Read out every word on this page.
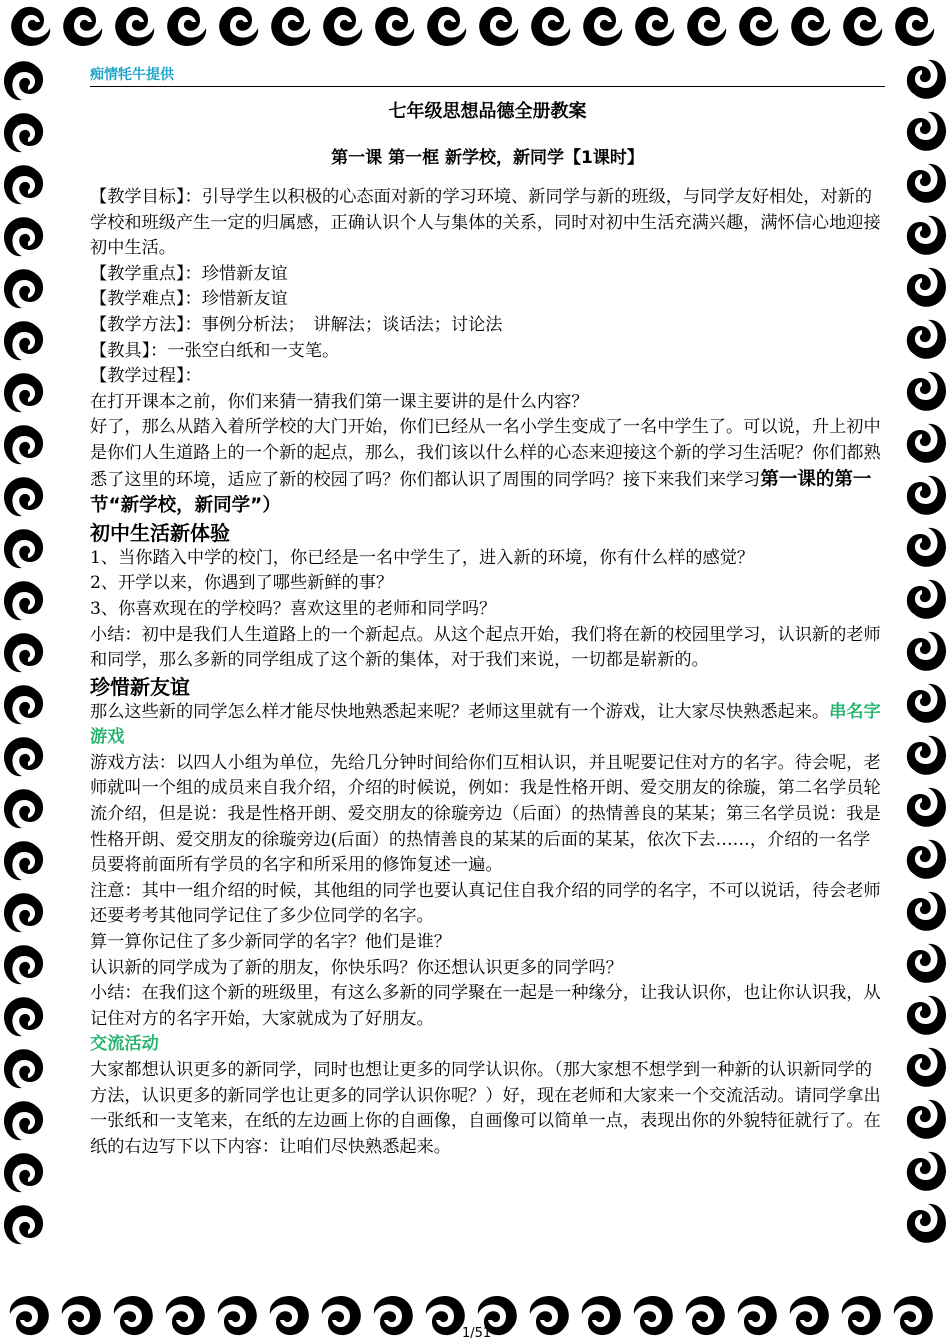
痴情牦牛提供
七年级思想品德全册教案
第一课 第一框 新学校，新同学【1课时】

【教学目标】：引导学生以积极的心态面对新的学习环境、新同学与新的班级，与同学友好相处，对新的学校和班级产生一定的归属感，正确认识个人与集体的关系，同时对初中生活充满兴趣，满怀信心地迎接初中生活。

【教学重点】：珍惜新友谊

【教学难点】：珍惜新友谊

【教学方法】：事例分析法；　讲解法；谈话法；讨论法

【教具】：一张空白纸和一支笔。

【教学过程】：

在打开课本之前，你们来猜一猜我们第一课主要讲的是什么内容？

好了，那么从踏入着所学校的大门开始，你们已经从一名小学生变成了一名中学生了。可以说，升上初中是你们人生道路上的一个新的起点，那么，我们该以什么样的心态来迎接这个新的学习生活呢？你们都熟悉了这里的环境，适应了新的校园了吗？你们都认识了周围的同学吗？接下来我们来学习第一课的第一节“新学校，新同学”）

初中生活新体验

1、当你踏入中学的校门，你已经是一名中学生了，进入新的环境，你有什么样的感觉？

2、开学以来，你遇到了哪些新鲜的事？

3、你喜欢现在的学校吗？喜欢这里的老师和同学吗？

小结：初中是我们人生道路上的一个新起点。从这个起点开始，我们将在新的校园里学习，认识新的老师和同学，那么多新的同学组成了这个新的集体，对于我们来说，一切都是崭新的。

珍惜新友谊

那么这些新的同学怎么样才能尽快地熟悉起来呢？老师这里就有一个游戏，让大家尽快熟悉起来。串名字游戏

游戏方法：以四人小组为单位，先给几分钟时间给你们互相认识，并且呢要记住对方的名字。待会呢，老师就叫一个组的成员来自我介绍，介绍的时候说，例如：我是性格开朗、爱交朋友的徐璇，第二名学员轮流介绍，但是说：我是性格开朗、爱交朋友的徐璇旁边（后面）的热情善良的某某；第三名学员说：我是性格开朗、爱交朋友的徐璇旁边(后面）的热情善良的某某的后面的某某，依次下去……，介绍的一名学员要将前面所有学员的名字和所采用的修饰复述一遍。

注意：其中一组介绍的时候，其他组的同学也要认真记住自我介绍的同学的名字，不可以说话，待会老师还要考考其他同学记住了多少位同学的名字。

算一算你记住了多少新同学的名字？他们是谁？

认识新的同学成为了新的朋友，你快乐吗？你还想认识更多的同学吗？

小结：在我们这个新的班级里，有这么多新的同学聚在一起是一种缘分，让我认识你，也让你认识我，从记住对方的名字开始，大家就成为了好朋友。

交流活动

大家都想认识更多的新同学，同时也想让更多的同学认识你。（那大家想不想学到一种新的认识新同学的方法，认识更多的新同学也让更多的同学认识你呢？）好，现在老师和大家来一个交流活动。请同学拿出一张纸和一支笔来，在纸的左边画上你的自画像，自画像可以简单一点，表现出你的外貌特征就行了。在纸的右边写下以下内容：让咱们尽快熟悉起来。

1/51
